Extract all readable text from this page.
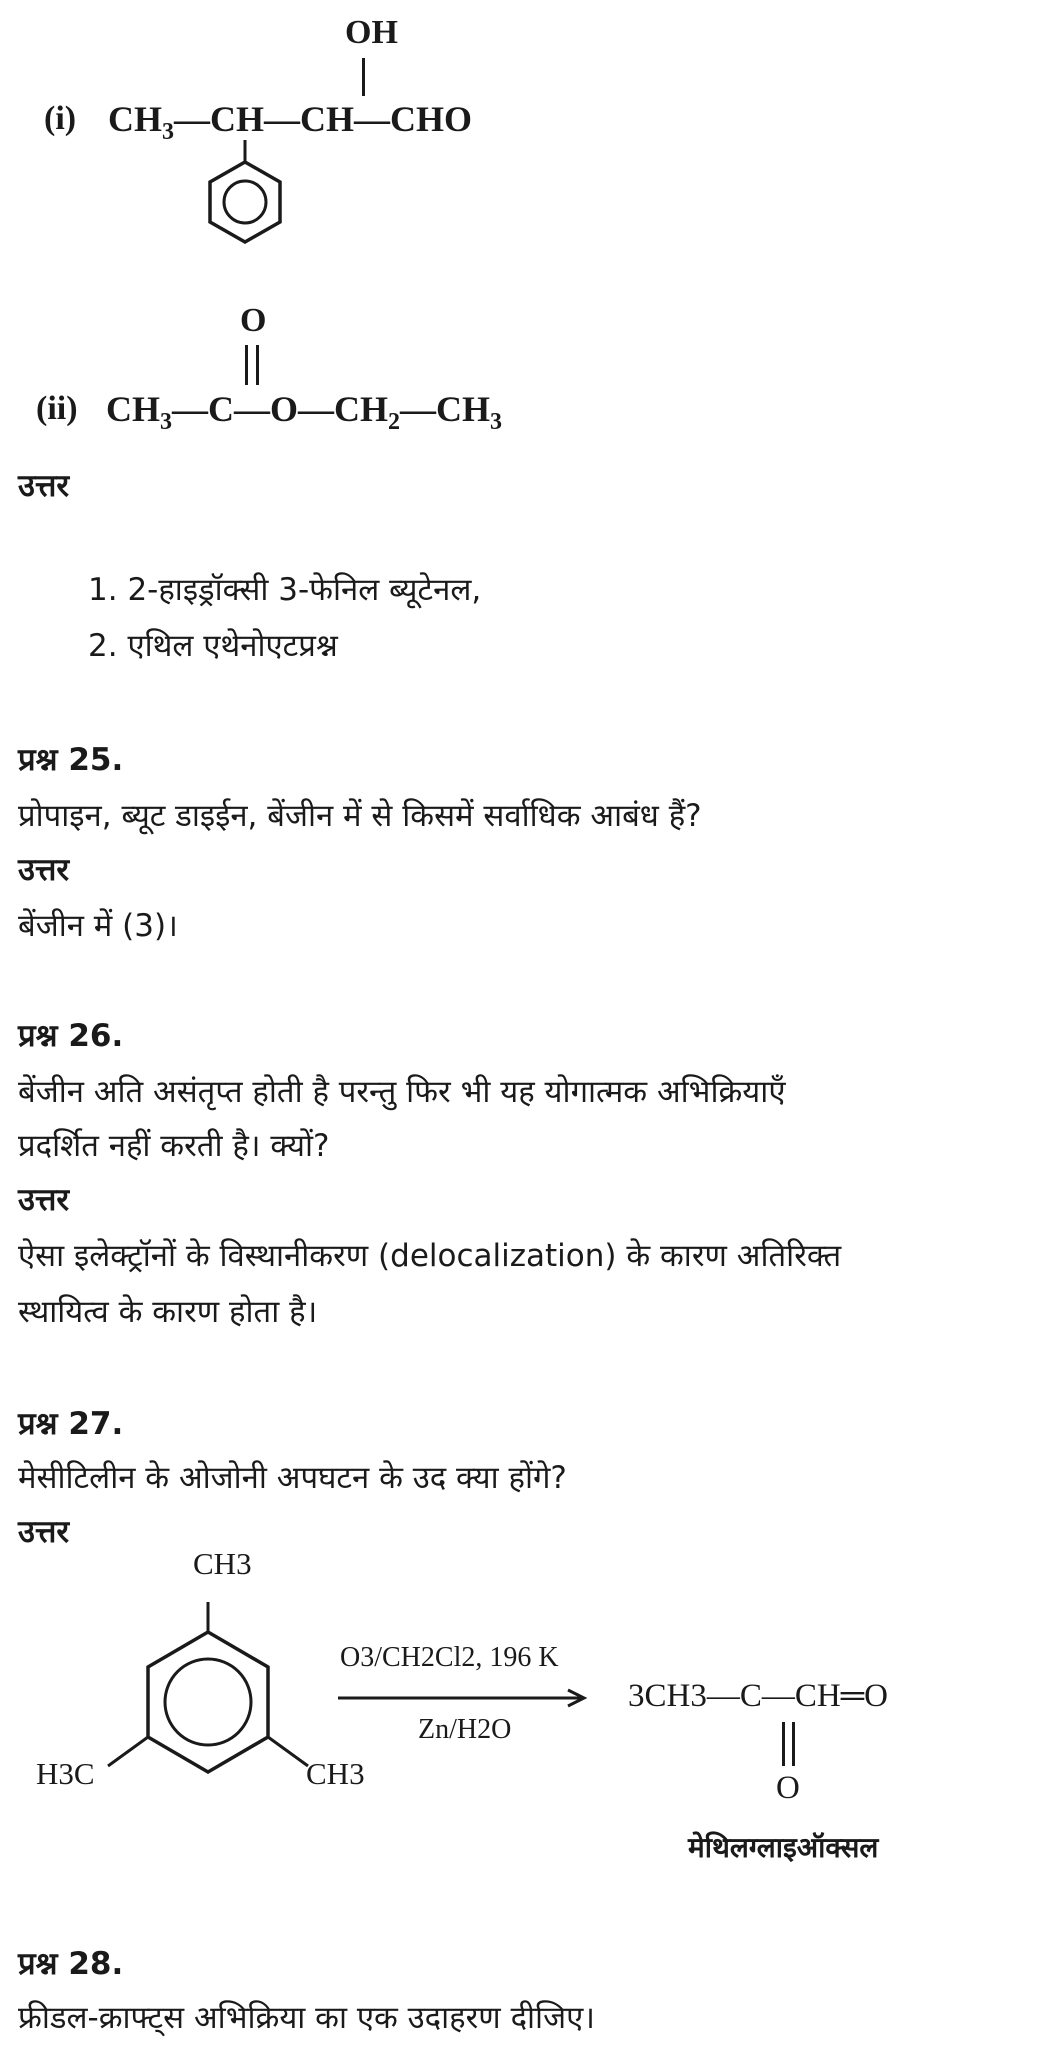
OH
(i) $CH_3—CH—CH—CHO$
O
(ii) $CH_3—C—O—CH_2—CH_3$
उत्तर
1. 2-हाइड्रॉक्सी 3-फेनिल ब्यूटेनल,
2. एथिल एथेनोएटप्रश्न
प्रश्न 25.
प्रोपाइन, ब्यूट डाइईन, बेंजीन में से किसमें सर्वाधिक आबंध हैं?
उत्तर
बेंजीन में (3)।
प्रश्न 26.
बेंजीन अति असंतृप्त होती है परन्तु फिर भी यह योगात्मक अभिक्रियाएँ
प्रदर्शित नहीं करती है। क्यों?
उत्तर
ऐसा इलेक्ट्रॉनों के विस्थानीकरण (delocalization) के कारण अतिरिक्त
स्थायित्व के कारण होता है।
प्रश्न 27.
मेसीटिलीन के ओजोनी अपघटन के उद क्या होंगे?
उत्तर
CH3
H3C	CH3
O3/CH2Cl2, 196 K
Zn/H2O
3CH3—C—CH═O
O
मेथिलग्लाइऑक्सल
प्रश्न 28.
फ्रीडल-क्राफ्ट्स अभिक्रिया का एक उदाहरण दीजिए।
